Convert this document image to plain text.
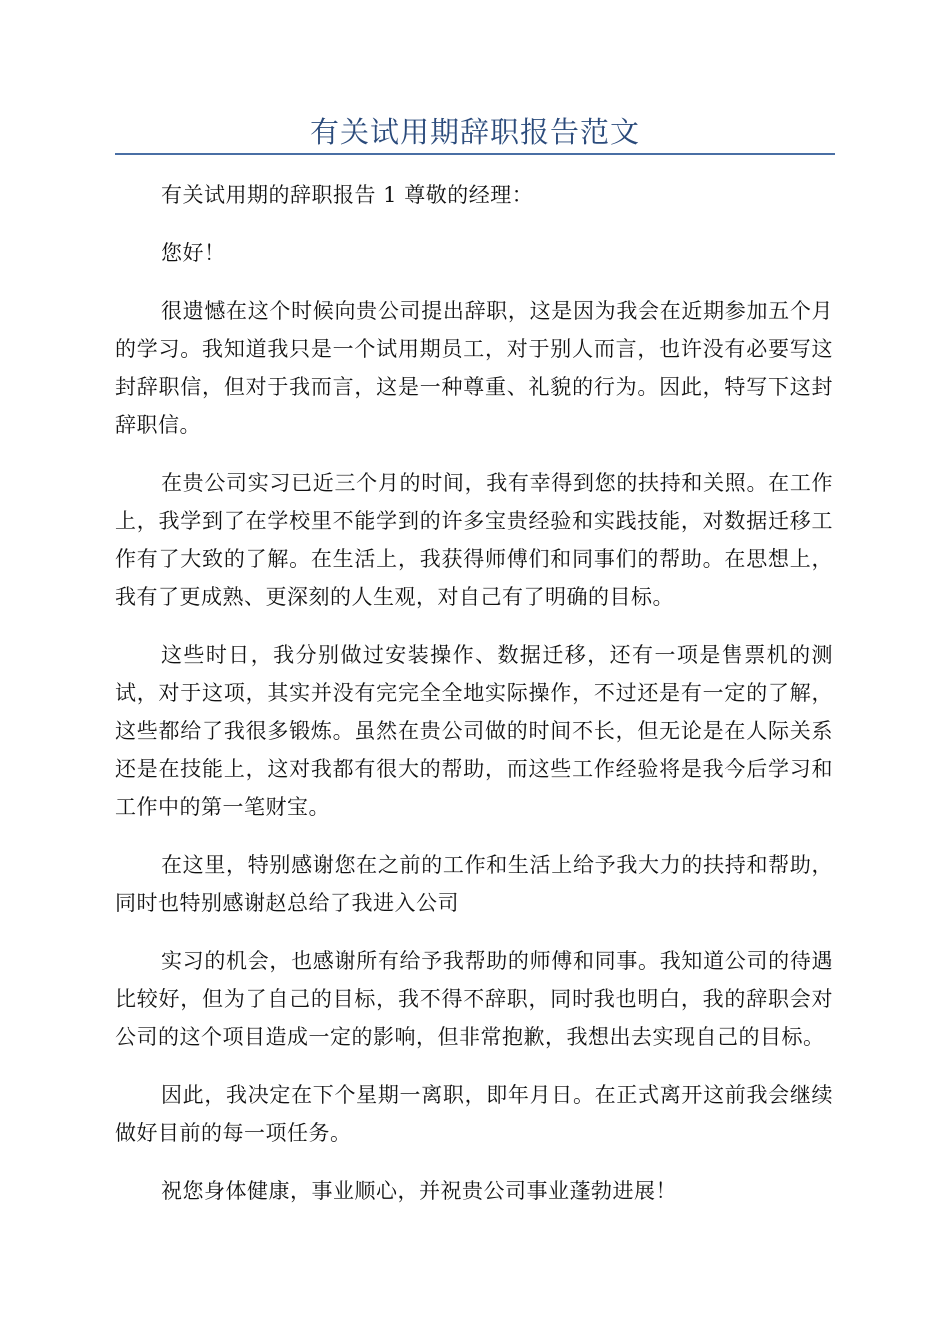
有关试用期辞职报告范文

有关试用期的辞职报告 1 尊敬的经理：

您好！

很遗憾在这个时候向贵公司提出辞职，这是因为我会在近期参加五个月的学习。我知道我只是一个试用期员工，对于别人而言，也许没有必要写这封辞职信，但对于我而言，这是一种尊重、礼貌的行为。因此，特写下这封辞职信。

在贵公司实习已近三个月的时间，我有幸得到您的扶持和关照。在工作上，我学到了在学校里不能学到的许多宝贵经验和实践技能，对数据迁移工作有了大致的了解。在生活上，我获得师傅们和同事们的帮助。在思想上，我有了更成熟、更深刻的人生观，对自己有了明确的目标。

这些时日，我分别做过安装操作、数据迁移，还有一项是售票机的测试，对于这项，其实并没有完完全全地实际操作，不过还是有一定的了解，这些都给了我很多锻炼。虽然在贵公司做的时间不长，但无论是在人际关系还是在技能上，这对我都有很大的帮助，而这些工作经验将是我今后学习和工作中的第一笔财宝。

在这里，特别感谢您在之前的工作和生活上给予我大力的扶持和帮助，同时也特别感谢赵总给了我进入公司

实习的机会，也感谢所有给予我帮助的师傅和同事。我知道公司的待遇比较好，但为了自己的目标，我不得不辞职，同时我也明白，我的辞职会对公司的这个项目造成一定的影响，但非常抱歉，我想出去实现自己的目标。

因此，我决定在下个星期一离职，即年月日。在正式离开这前我会继续做好目前的每一项任务。

祝您身体健康，事业顺心，并祝贵公司事业蓬勃进展！
